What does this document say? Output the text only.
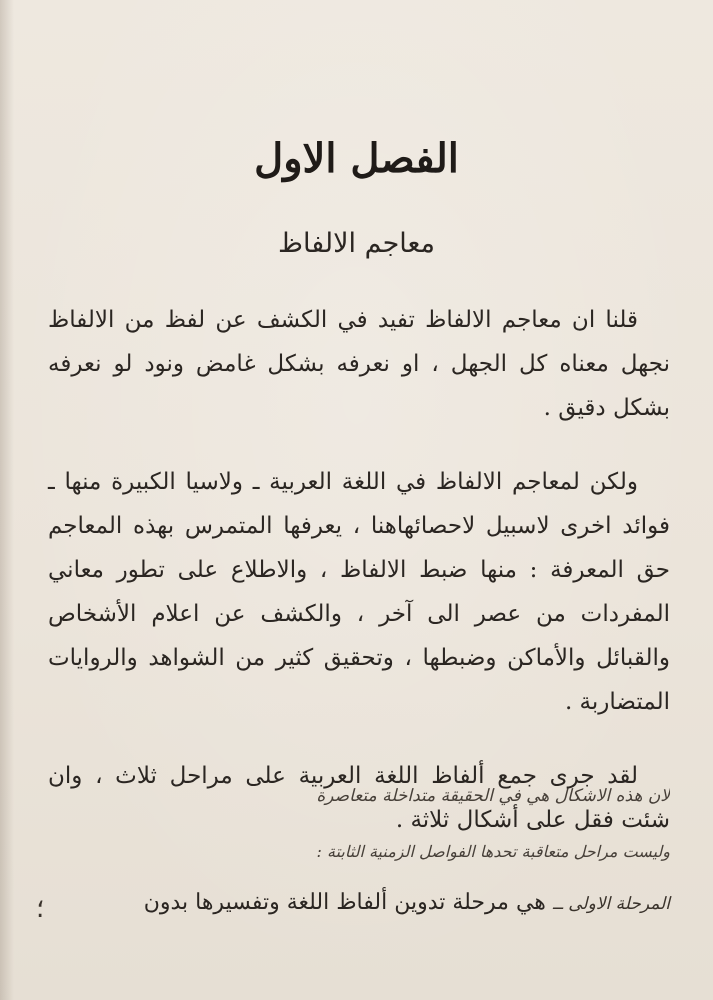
الفصل الاول
معاجم الالفاظ

قلنا ان معاجم الالفاظ تفيد في الكشف عن لفظ من الالفاظ نجهل معناه كل الجهل ، او نعرفه بشكل غامض ونود لو نعرفه بشكل دقيق .

ولكن لمعاجم الالفاظ في اللغة العربية ـ ولاسيا الكبيرة منها ـ فوائد اخرى لاسبيل لاحصائهاهنا ، يعرفها المتمرس بهذه المعاجم حق المعرفة : منها ضبط الالفاظ ، والاطلاع على تطور معاني المفردات من عصر الى آخر ، والكشف عن اعلام الأشخاص والقبائل والأماكن وضبطها ، وتحقيق كثير من الشواهد والروايات المتضاربة .

لقد جرى جمع ألفاظ اللغة العربية على مراحل ثلاث ، وان شئت فقل على أشكال ثلاثة .

لان هذه الاشكال هي في الحقيقة متداخلة متعاصرة
وليست مراحل متعاقبة تحدها الفواصل الزمنية الثابتة :
المرحلة الاولى ــ هي مرحلة تدوين ألفاظ اللغة وتفسيرها بدون
؛
